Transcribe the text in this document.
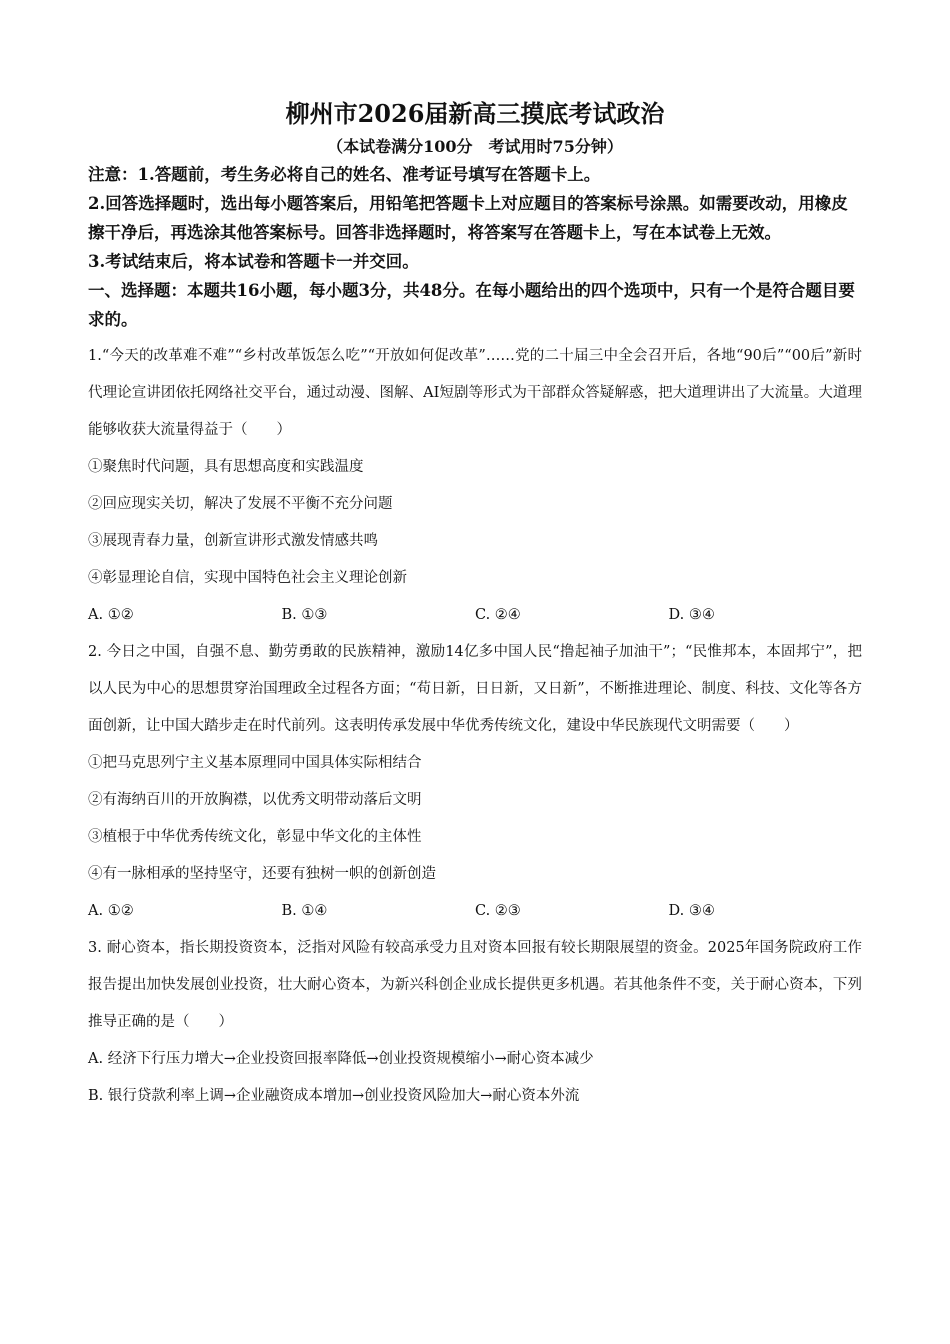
柳州市2026届新高三摸底考试政治

（本试卷满分100分　考试用时75分钟）

注意：1.答题前，考生务必将自己的姓名、准考证号填写在答题卡上。

2.回答选择题时，选出每小题答案后，用铅笔把答题卡上对应题目的答案标号涂黑。如需要改动，用橡皮擦干净后，再选涂其他答案标号。回答非选择题时，将答案写在答题卡上，写在本试卷上无效。

3.考试结束后，将本试卷和答题卡一并交回。

一、选择题：本题共16小题，每小题3分，共48分。在每小题给出的四个选项中，只有一个是符合题目要求的。

1.“今天的改革难不难”“乡村改革饭怎么吃”“开放如何促改革”……党的二十届三中全会召开后，各地“90后”“00后”新时代理论宣讲团依托网络社交平台，通过动漫、图解、AI短剧等形式为干部群众答疑解惑，把大道理讲出了大流量。大道理能够收获大流量得益于（　　）

①聚焦时代问题，具有思想高度和实践温度

②回应现实关切，解决了发展不平衡不充分问题

③展现青春力量，创新宣讲形式激发情感共鸣

④彰显理论自信，实现中国特色社会主义理论创新

A. ①②	B. ①③	C. ②④	D. ③④

2. 今日之中国，自强不息、勤劳勇敢的民族精神，激励14亿多中国人民“撸起袖子加油干”；“民惟邦本，本固邦宁”，把以人民为中心的思想贯穿治国理政全过程各方面；“苟日新，日日新，又日新”，不断推进理论、制度、科技、文化等各方面创新，让中国大踏步走在时代前列。这表明传承发展中华优秀传统文化，建设中华民族现代文明需要（　　）

①把马克思列宁主义基本原理同中国具体实际相结合

②有海纳百川的开放胸襟，以优秀文明带动落后文明

③植根于中华优秀传统文化，彰显中华文化的主体性

④有一脉相承的坚持坚守，还要有独树一帜的创新创造

A. ①②	B. ①④	C. ②③	D. ③④

3. 耐心资本，指长期投资资本，泛指对风险有较高承受力且对资本回报有较长期限展望的资金。2025年国务院政府工作报告提出加快发展创业投资，壮大耐心资本，为新兴科创企业成长提供更多机遇。若其他条件不变，关于耐心资本，下列推导正确的是（　　）

A. 经济下行压力增大→企业投资回报率降低→创业投资规模缩小→耐心资本减少

B. 银行贷款利率上调→企业融资成本增加→创业投资风险加大→耐心资本外流
